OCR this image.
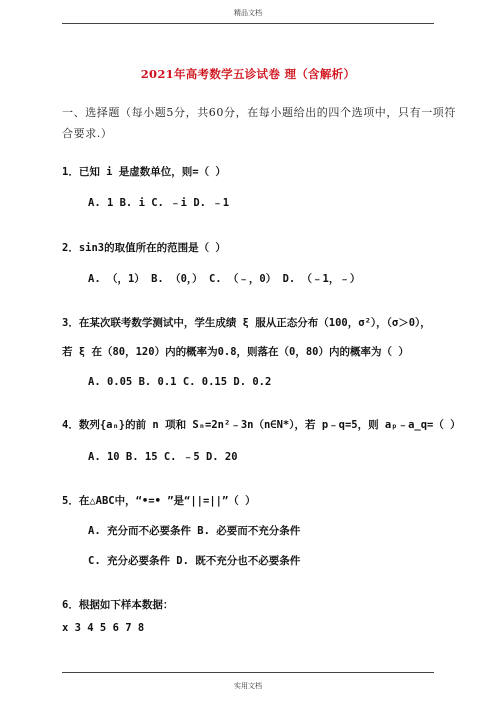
精品文档
2021年高考数学五诊试卷 理（含解析）
一、选择题（每小题5分，共60分，在每小题给出的四个选项中，只有一项符
合要求.）
1．已知 i 是虚数单位，则=（ ）
A. 1 B. i C. ﹣i D. ﹣1
2．sin3的取值所在的范围是（ ）
A. （，1） B. （0，） C. （﹣，0） D. （﹣1，﹣）
3．在某次联考数学测试中，学生成绩 ξ 服从正态分布（100，σ²），（σ＞0），
若 ξ 在（80，120）内的概率为0.8，则落在（0，80）内的概率为（ ）
A. 0.05 B. 0.1 C. 0.15 D. 0.2
4．数列{aₙ}的前 n 项和 Sₙ=2n²﹣3n（n∈N*），若 p﹣q=5，则 aₚ﹣a_q=（ ）
A. 10 B. 15 C. ﹣5 D. 20
5．在△ABC中，“•=• ”是“||=||”（ ）
A. 充分而不必要条件 B. 必要而不充分条件
C. 充分必要条件 D. 既不充分也不必要条件
6．根据如下样本数据：
x 3 4 5 6 7 8
实用文档
